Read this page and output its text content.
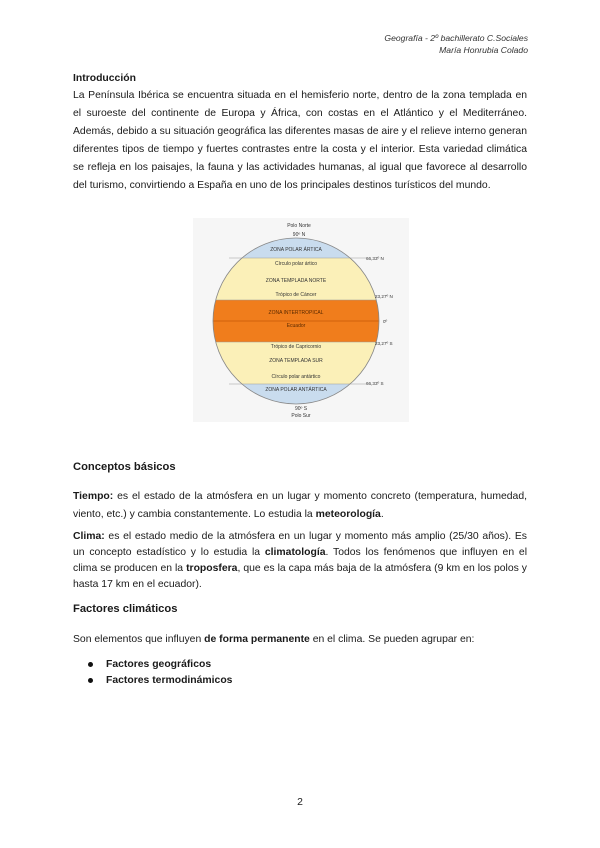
Geografía - 2º bachillerato C.Sociales
María Honrubia Colado
Introducción
La Península Ibérica se encuentra situada en el hemisferio norte, dentro de la zona templada en el suroeste del continente de Europa y África, con costas en el Atlántico y el Mediterráneo. Además, debido a su situación geográfica las diferentes masas de aire y el relieve interno generan diferentes tipos de tiempo y fuertes contrastes entre la costa y el interior. Esta variedad climática se refleja en los paisajes, la fauna y las actividades humanas, al igual que favorece al desarrollo del turismo, convirtiendo a España en uno de los principales destinos turísticos del mundo.
Polo Norte
90º N
ZONA POLAR ÁRTICA
Círculo polar ártico
ZONA TEMPLADA NORTE
Trópico de Cáncer
ZONA INTERTROPICAL
Ecuador
Trópico de Capricornio
ZONA TEMPLADA SUR
Círculo polar antártico
ZONA POLAR ANTÁRTICA
90º S
Polo Sur
66,33º N
23,27º N
0º
23,27º S
66,33º S
Conceptos básicos
Tiempo: es el estado de la atmósfera en un lugar y momento concreto (temperatura, humedad, viento, etc.) y cambia constantemente. Lo estudia la meteorología.
Clima: es el estado medio de la atmósfera en un lugar y momento más amplio (25/30 años). Es un concepto estadístico y lo estudia la climatología. Todos los fenómenos que influyen en el clima se producen en la troposfera, que es la capa más baja de la atmósfera (9 km en los polos y hasta 17 km en el ecuador).
Factores climáticos
Son elementos que influyen de forma permanente en el clima. Se pueden agrupar en:
Factores geográficos
Factores termodinámicos
2
